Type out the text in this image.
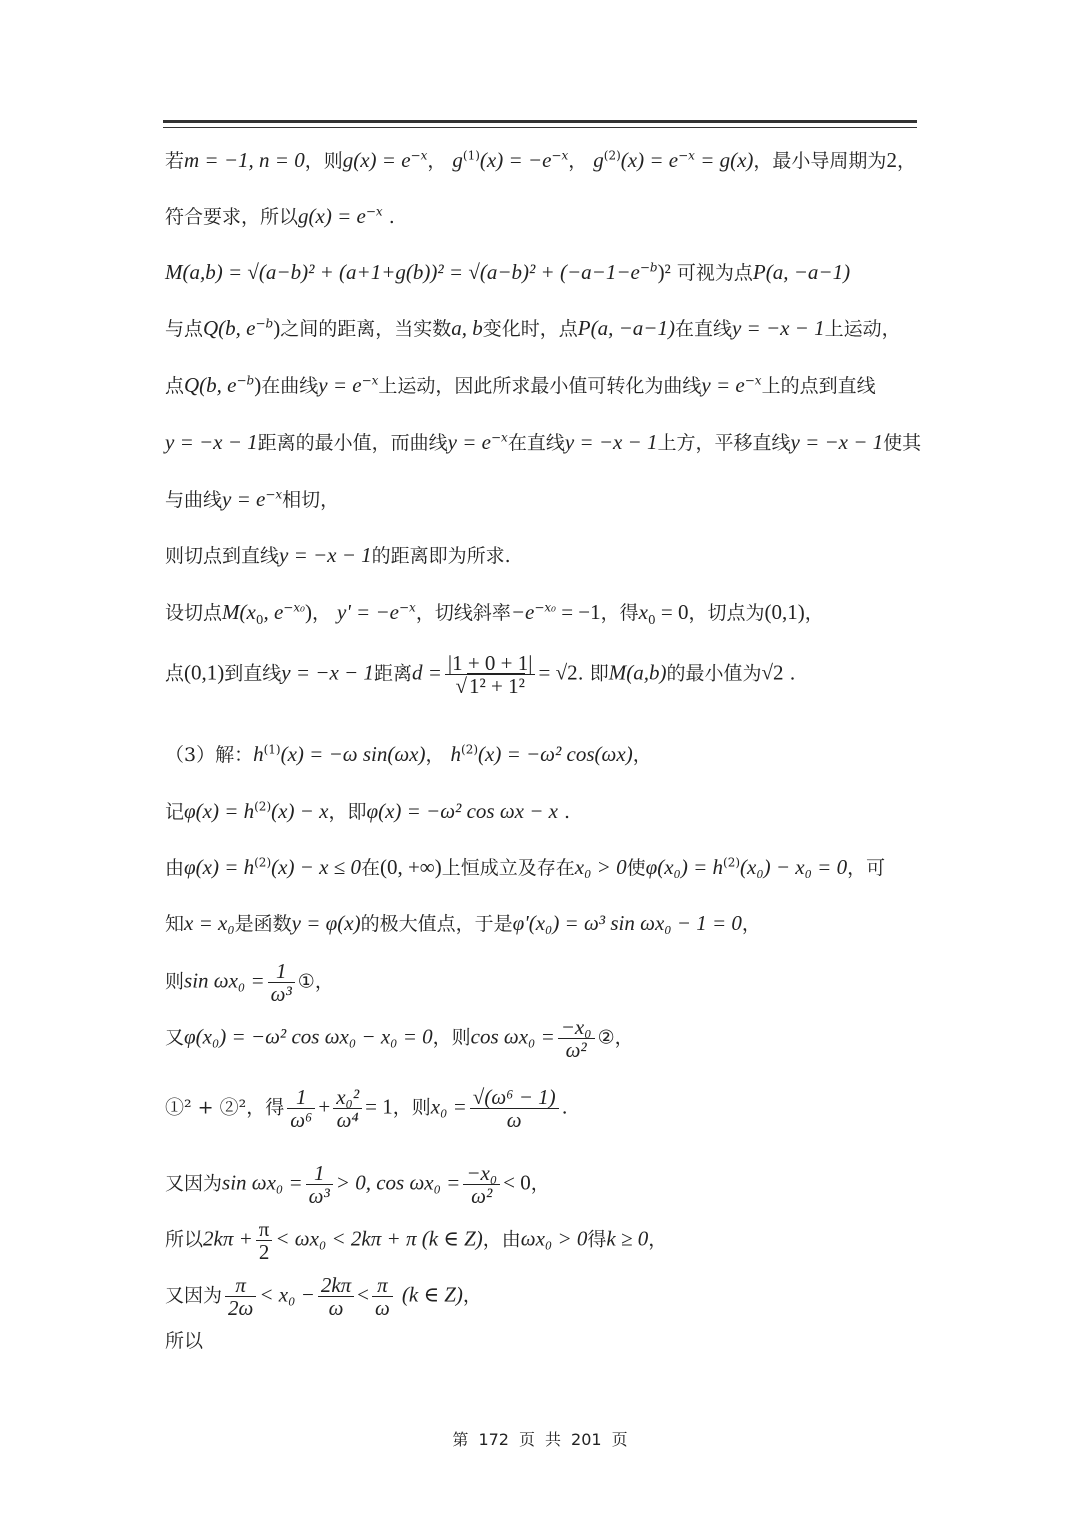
若m = −1, n = 0，则$g(x) = e^{-x}$， $g^{(1)}(x) = -e^{-x}$， $g^{(2)}(x) = e^{-x} = g(x)$，最小导周期为2，
符合要求，所以$g(x) = e^{-x}$ .
$M(a,b) = √(a-b)^2 + (a+1+g(b))^2 = √(a-b)^2 + (-a-1-e^{-b})^2$ 可视为点P(a, −a−1)
与点Q(b, $e^{-b}$)之间的距离，当实数a, b变化时，点P(a, −a−1)在直线y = −x − 1上运动，
点Q(b, $e^{-b}$)在曲线$y = e^{-x}$上运动，因此所求最小值可转化为曲线$y = e^{-x}$上的点到直线
y = −x − 1距离的最小值，而曲线$y = e^{-x}$在直线y = −x − 1上方，平移直线y = −x − 1使其
与曲线$y = e^{-x}$相切，
则切点到直线y = −x − 1的距离即为所求.
设切点$M(x_0$, $e^{-x_0}$)， $y' = -e^{-x}$，切线斜率$-e^{-x_0} = -1$，得$x_0 = 0$，切点为(0,1)，
点(0,1)到直线y = −x − 1距离$d = \frac{|1 + 0 + 1|}{\text{√1² + 1²}} = √2$. 即M(a,b)的最小值为√2 .
（3）解：$h^{(1)}(x) = -\omega$ sin(ωx)， $h^{(2)}(x) = -\omega^2$ cos(ωx)，
记$\varphi(x) = h^{(2)}(x) - x$，即φ(x) = −ω² cos ωx − x .
由$\varphi(x) = h^{(2)}(x) - x \le 0$在(0, +∞)上恒成立及存在x₀ > 0使$\varphi(x_0) = h^{(2)}(x_0) - x_0 = 0$，可
知x = x₀是函数y = φ(x)的极大值点，于是φ'(x₀) = ω³ sin ωx₀ − 1 = 0，
则$\sin \omega x_0 = \frac{1}{\text{ω³}}$ ①，
又φ(x₀) = −ω² cos ωx₀ − x₀ = 0，则$\cos \omega x_0 = \frac{\text{−x₀}}{\text{ω²}}$ ②，
①² + ②²，得 $\frac{1}{\text{ω⁶}} + \frac{\text{x₀²}}{\text{ω⁴}} = 1$，则$x_0 = \frac{\text{√(ω⁶ − 1)}}{\omega}$ .
又因为$\sin \omega x_0 = \frac{1}{\text{ω³}} > 0$, $\cos \omega x_0 = \frac{\text{−x₀}}{\text{ω²}} < 0$，
所以$2k\pi + \frac{\pi}{2} < \omega x_0 < 2k\pi + \pi$ (k ∈ Z)，由ωx₀ > 0得k ≥ 0，
又因为 $\frac{\pi}{2\omega} < x_0 - \frac{2k\pi}{\omega} < \frac{\pi}{\omega} (k$ ∈ Z)，
所以
第 172 页 共 201 页
